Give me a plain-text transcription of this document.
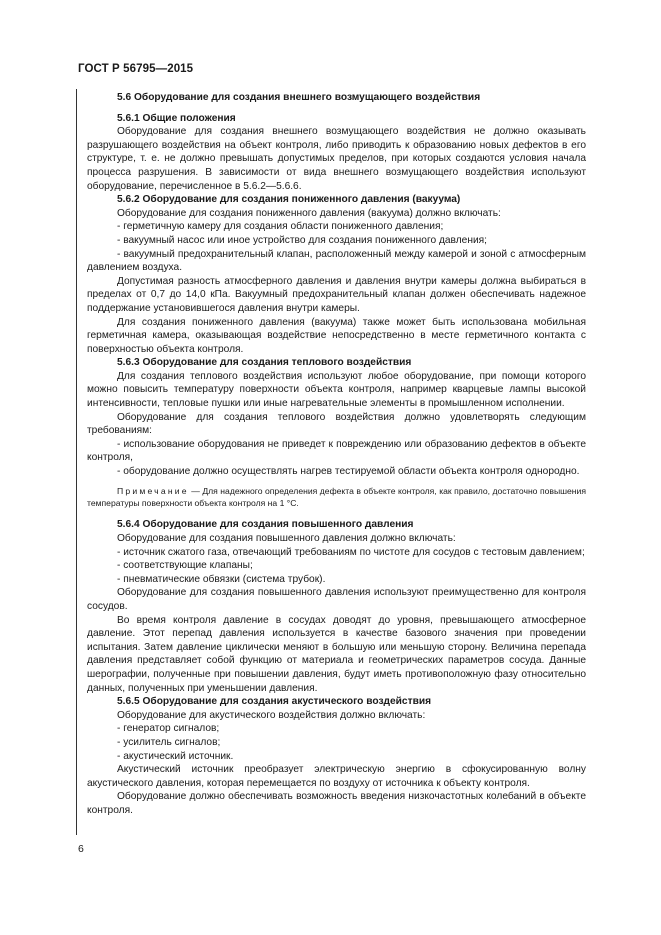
ГОСТ Р 56795—2015

5.6 Оборудование для создания внешнего возмущающего воздействия

5.6.1 Общие положения

Оборудование для создания внешнего возмущающего воздействия не должно оказывать разрушающего воздействия на объект контроля, либо приводить к образованию новых дефектов в его структуре, т. е. не должно превышать допустимых пределов, при которых создаются условия начала процесса разрушения. В зависимости от вида внешнего возмущающего воздействия используют оборудование, перечисленное в 5.6.2—5.6.6.

5.6.2 Оборудование для создания пониженного давления (вакуума)

Оборудование для создания пониженного давления (вакуума) должно включать:

- герметичную камеру для создания области пониженного давления;

- вакуумный насос или иное устройство для создания пониженного давления;

- вакуумный предохранительный клапан, расположенный между камерой и зоной с атмосферным давлением воздуха.

Допустимая разность атмосферного давления и давления внутри камеры должна выбираться в пределах от 0,7 до 14,0 кПа. Вакуумный предохранительный клапан должен обеспечивать надежное поддержание установившегося давления внутри камеры.

Для создания пониженного давления (вакуума) также может быть использована мобильная герметичная камера, оказывающая воздействие непосредственно в месте герметичного контакта с поверхностью объекта контроля.

5.6.3 Оборудование для создания теплового воздействия

Для создания теплового воздействия используют любое оборудование, при помощи которого можно повысить температуру поверхности объекта контроля, например кварцевые лампы высокой интенсивности, тепловые пушки или иные нагревательные элементы в промышленном исполнении.

Оборудование для создания теплового воздействия должно удовлетворять следующим требованиям:

- использование оборудования не приведет к повреждению или образованию дефектов в объекте контроля,

- оборудование должно осуществлять нагрев тестируемой области объекта контроля однородно.

Примечание — Для надежного определения дефекта в объекте контроля, как правило, достаточно повышения температуры поверхности объекта контроля на 1 °С.

5.6.4 Оборудование для создания повышенного давления

Оборудование для создания повышенного давления должно включать:

- источник сжатого газа, отвечающий требованиям по чистоте для сосудов с тестовым давлением;

- соответствующие клапаны;

- пневматические обвязки (система трубок).

Оборудование для создания повышенного давления используют преимущественно для контроля сосудов.

Во время контроля давление в сосудах доводят до уровня, превышающего атмосферное давление. Этот перепад давления используется в качестве базового значения при проведении испытания. Затем давление циклически меняют в большую или меньшую сторону. Величина перепада давления представляет собой функцию от материала и геометрических параметров сосуда. Данные шерографии, полученные при повышении давления, будут иметь противоположную фазу относительно данных, полученных при уменьшении давления.

5.6.5 Оборудование для создания акустического воздействия

Оборудование для акустического воздействия должно включать:

- генератор сигналов;

- усилитель сигналов;

- акустический источник.

Акустический источник преобразует электрическую энергию в сфокусированную волну акустического давления, которая перемещается по воздуху от источника к объекту контроля.

Оборудование должно обеспечивать возможность введения низкочастотных колебаний в объекте контроля.

6
